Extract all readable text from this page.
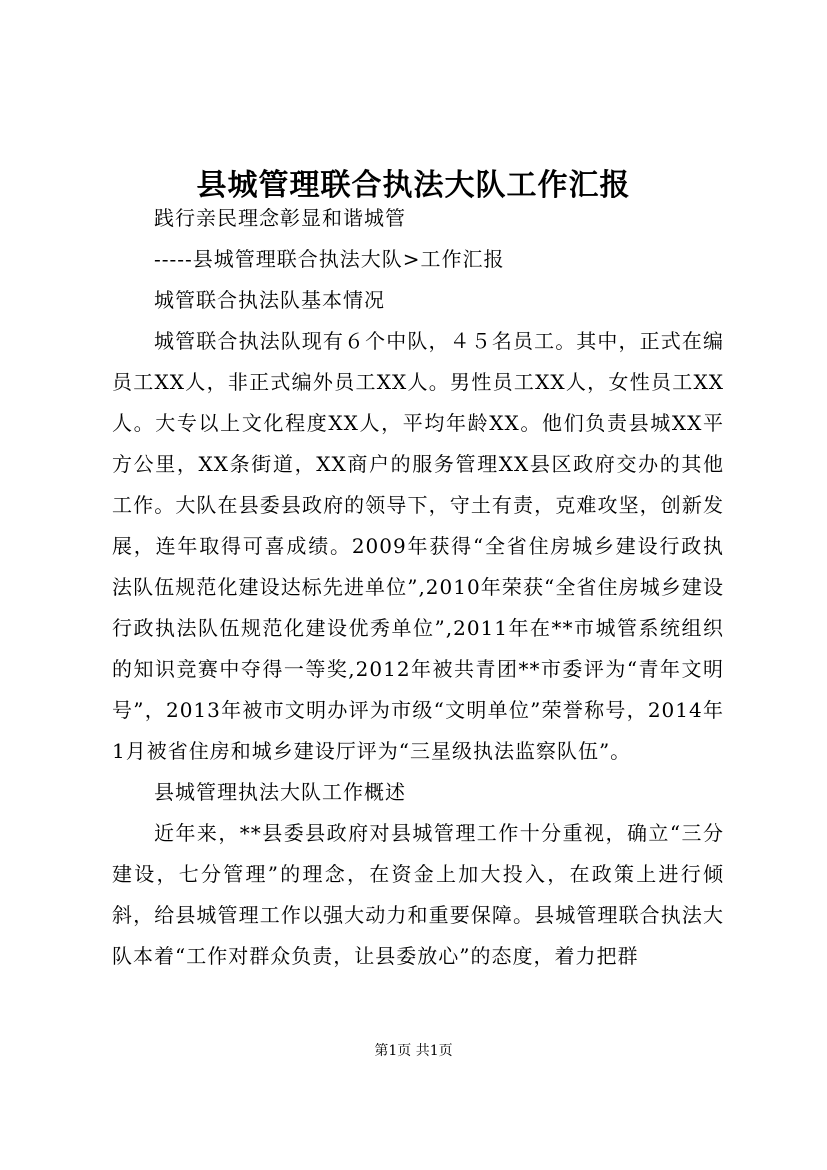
县城管理联合执法大队工作汇报

践行亲民理念彰显和谐城管

-----县城管理联合执法大队>工作汇报

城管联合执法队基本情况

城管联合执法队现有６个中队，４５名员工。其中，正式在编员工XX人，非正式编外员工XX人。男性员工XX人，女性员工XX人。大专以上文化程度XX人，平均年龄XX。他们负责县城XX平方公里，XX条街道，XX商户的服务管理XX县区政府交办的其他工作。大队在县委县政府的领导下，守土有责，克难攻坚，创新发展，连年取得可喜成绩。2009年获得“全省住房城乡建设行政执法队伍规范化建设达标先进单位”,2010年荣获“全省住房城乡建设行政执法队伍规范化建设优秀单位”,2011年在**市城管系统组织的知识竞赛中夺得一等奖,2012年被共青团**市委评为“青年文明号”，2013年被市文明办评为市级“文明单位”荣誉称号，2014年1月被省住房和城乡建设厅评为“三星级执法监察队伍”。

县城管理执法大队工作概述

近年来，**县委县政府对县城管理工作十分重视，确立“三分建设，七分管理”的理念，在资金上加大投入，在政策上进行倾斜，给县城管理工作以强大动力和重要保障。县城管理联合执法大队本着“工作对群众负责，让县委放心”的态度，着力把群

第1页 共1页
